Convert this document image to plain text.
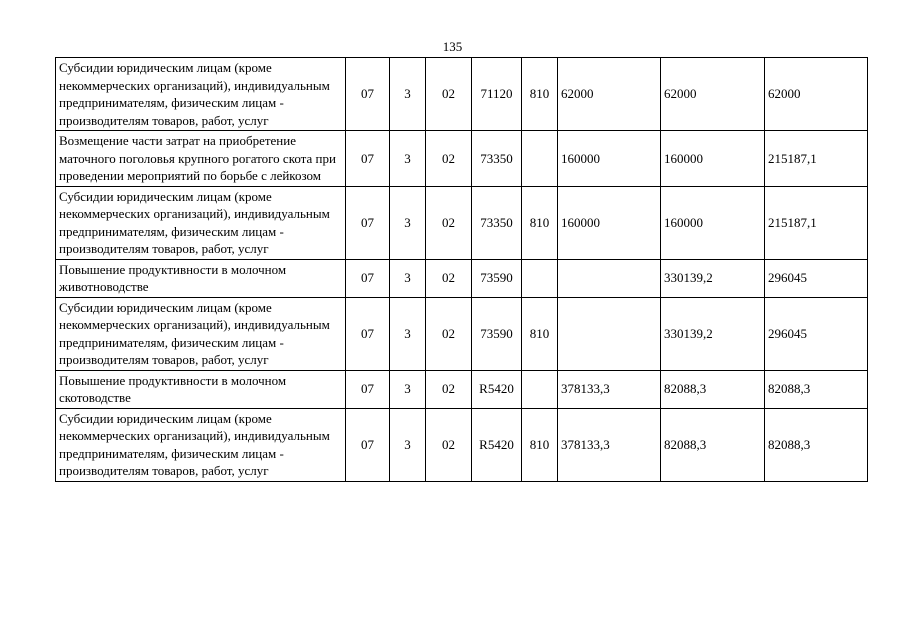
135
Субсидии юридическим лицам (кроме некоммерческих организаций), индивидуальным предпринимателям, физическим лицам - производителям товаров, работ, услуг	07	3	02	71120	810	62000	62000	62000
Возмещение части затрат на приобретение маточного поголовья крупного рогатого скота при проведении мероприятий по борьбе с лейкозом	07	3	02	73350		160000	160000	215187,1
Субсидии юридическим лицам (кроме некоммерческих организаций), индивидуальным предпринимателям, физическим лицам - производителям товаров, работ, услуг	07	3	02	73350	810	160000	160000	215187,1
Повышение продуктивности в молочном животноводстве	07	3	02	73590			330139,2	296045
Субсидии юридическим лицам (кроме некоммерческих организаций), индивидуальным предпринимателям, физическим лицам - производителям товаров, работ, услуг	07	3	02	73590	810		330139,2	296045
Повышение продуктивности в молочном скотоводстве	07	3	02	R5420		378133,3	82088,3	82088,3
Субсидии юридическим лицам (кроме некоммерческих организаций), индивидуальным предпринимателям, физическим лицам - производителям товаров, работ, услуг	07	3	02	R5420	810	378133,3	82088,3	82088,3
